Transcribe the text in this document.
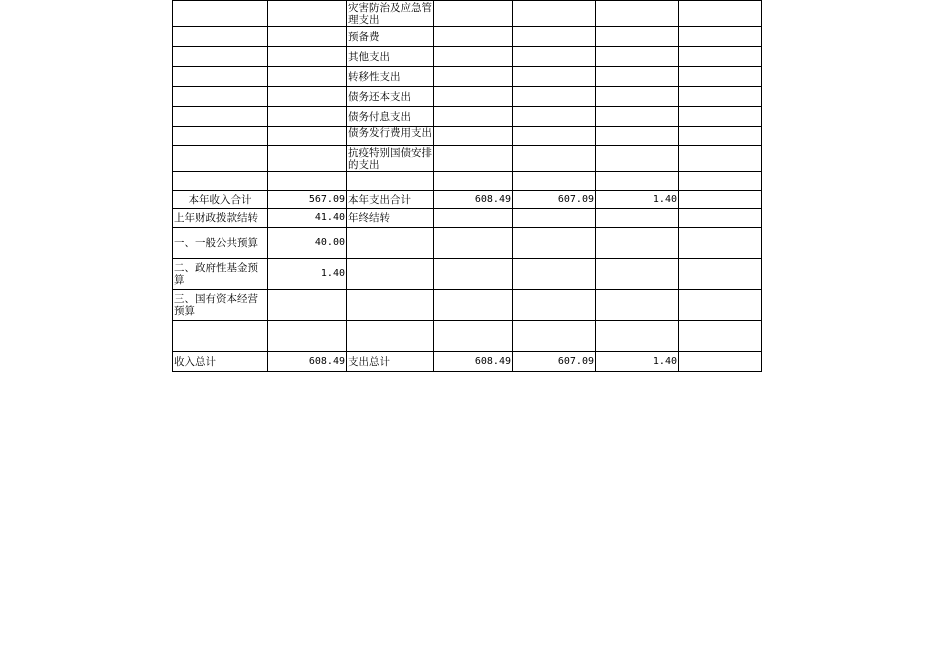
		灾害防治及应急管理支出				
		预备费				
		其他支出				
		转移性支出				
		债务还本支出				
		债务付息支出				

		债务发行费用支出				

		抗疫特别国债安排的支出				

本年收入合计	567.09	本年支出合计	608.49	607.09	1.40	
上年财政拨款结转	41.40	年终结转				
一、一般公共预算	40.00					
二、政府性基金预算	1.40					
三、国有资本经营预算						

收入总计	608.49	支出总计	608.49	607.09	1.40	
